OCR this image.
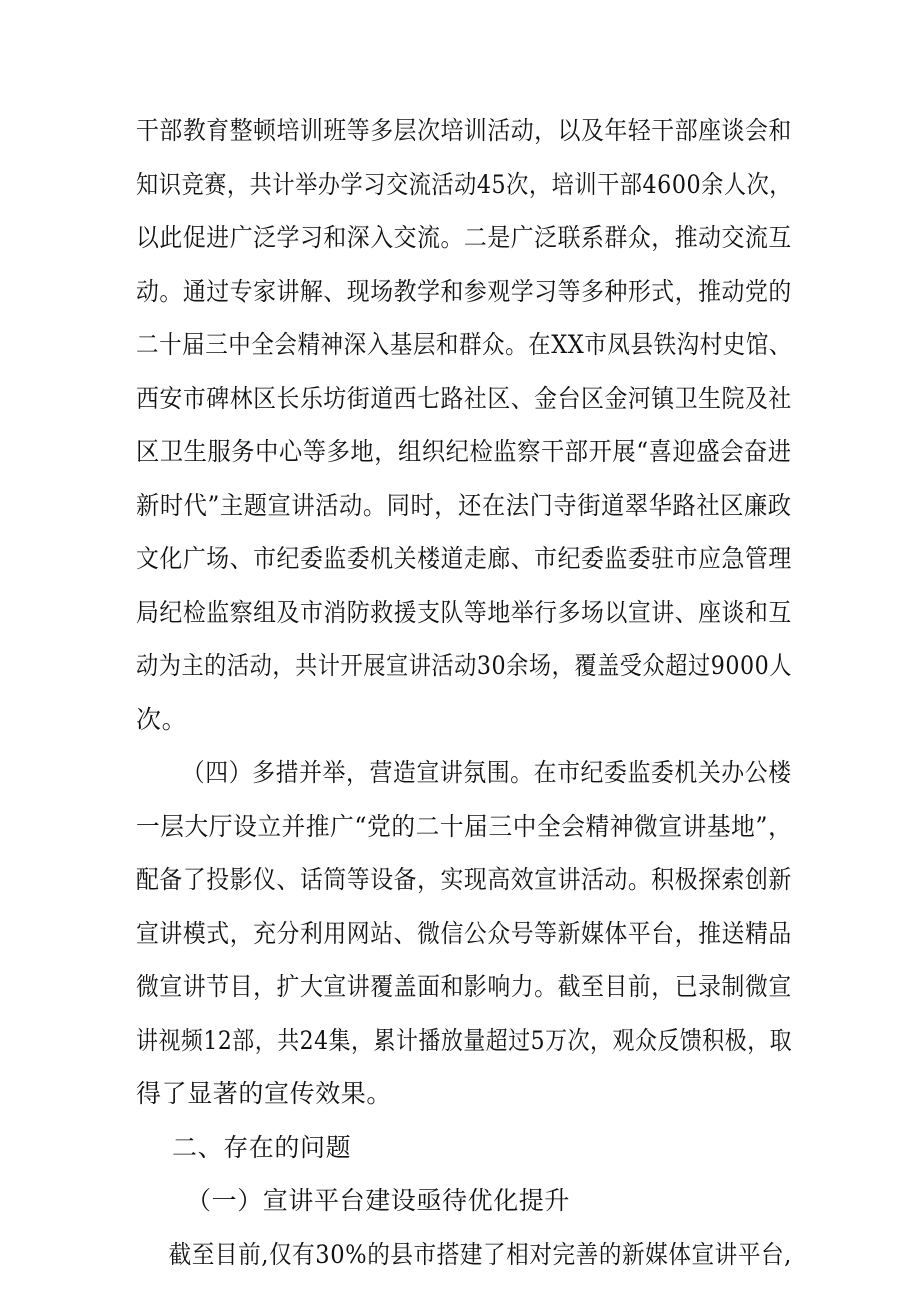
干部教育整顿培训班等多层次培训活动，以及年轻干部座谈会和
知识竞赛，共计举办学习交流活动45次，培训干部4600余人次，
以此促进广泛学习和深入交流。二是广泛联系群众，推动交流互
动。通过专家讲解、现场教学和参观学习等多种形式，推动党的
二十届三中全会精神深入基层和群众。在XX市凤县铁沟村史馆、
西安市碑林区长乐坊街道西七路社区、金台区金河镇卫生院及社
区卫生服务中心等多地，组织纪检监察干部开展“喜迎盛会奋进
新时代”主题宣讲活动。同时，还在法门寺街道翠华路社区廉政
文化广场、市纪委监委机关楼道走廊、市纪委监委驻市应急管理
局纪检监察组及市消防救援支队等地举行多场以宣讲、座谈和互
动为主的活动，共计开展宣讲活动30余场，覆盖受众超过9000人
次。

（四）多措并举，营造宣讲氛围。在市纪委监委机关办公楼
一层大厅设立并推广“党的二十届三中全会精神微宣讲基地”，
配备了投影仪、话筒等设备，实现高效宣讲活动。积极探索创新
宣讲模式，充分利用网站、微信公众号等新媒体平台，推送精品
微宣讲节目，扩大宣讲覆盖面和影响力。截至目前，已录制微宣
讲视频12部，共24集，累计播放量超过5万次，观众反馈积极，取
得了显著的宣传效果。

二、存在的问题

（一）宣讲平台建设亟待优化提升

截至目前,仅有30%的县市搭建了相对完善的新媒体宣讲平台,
